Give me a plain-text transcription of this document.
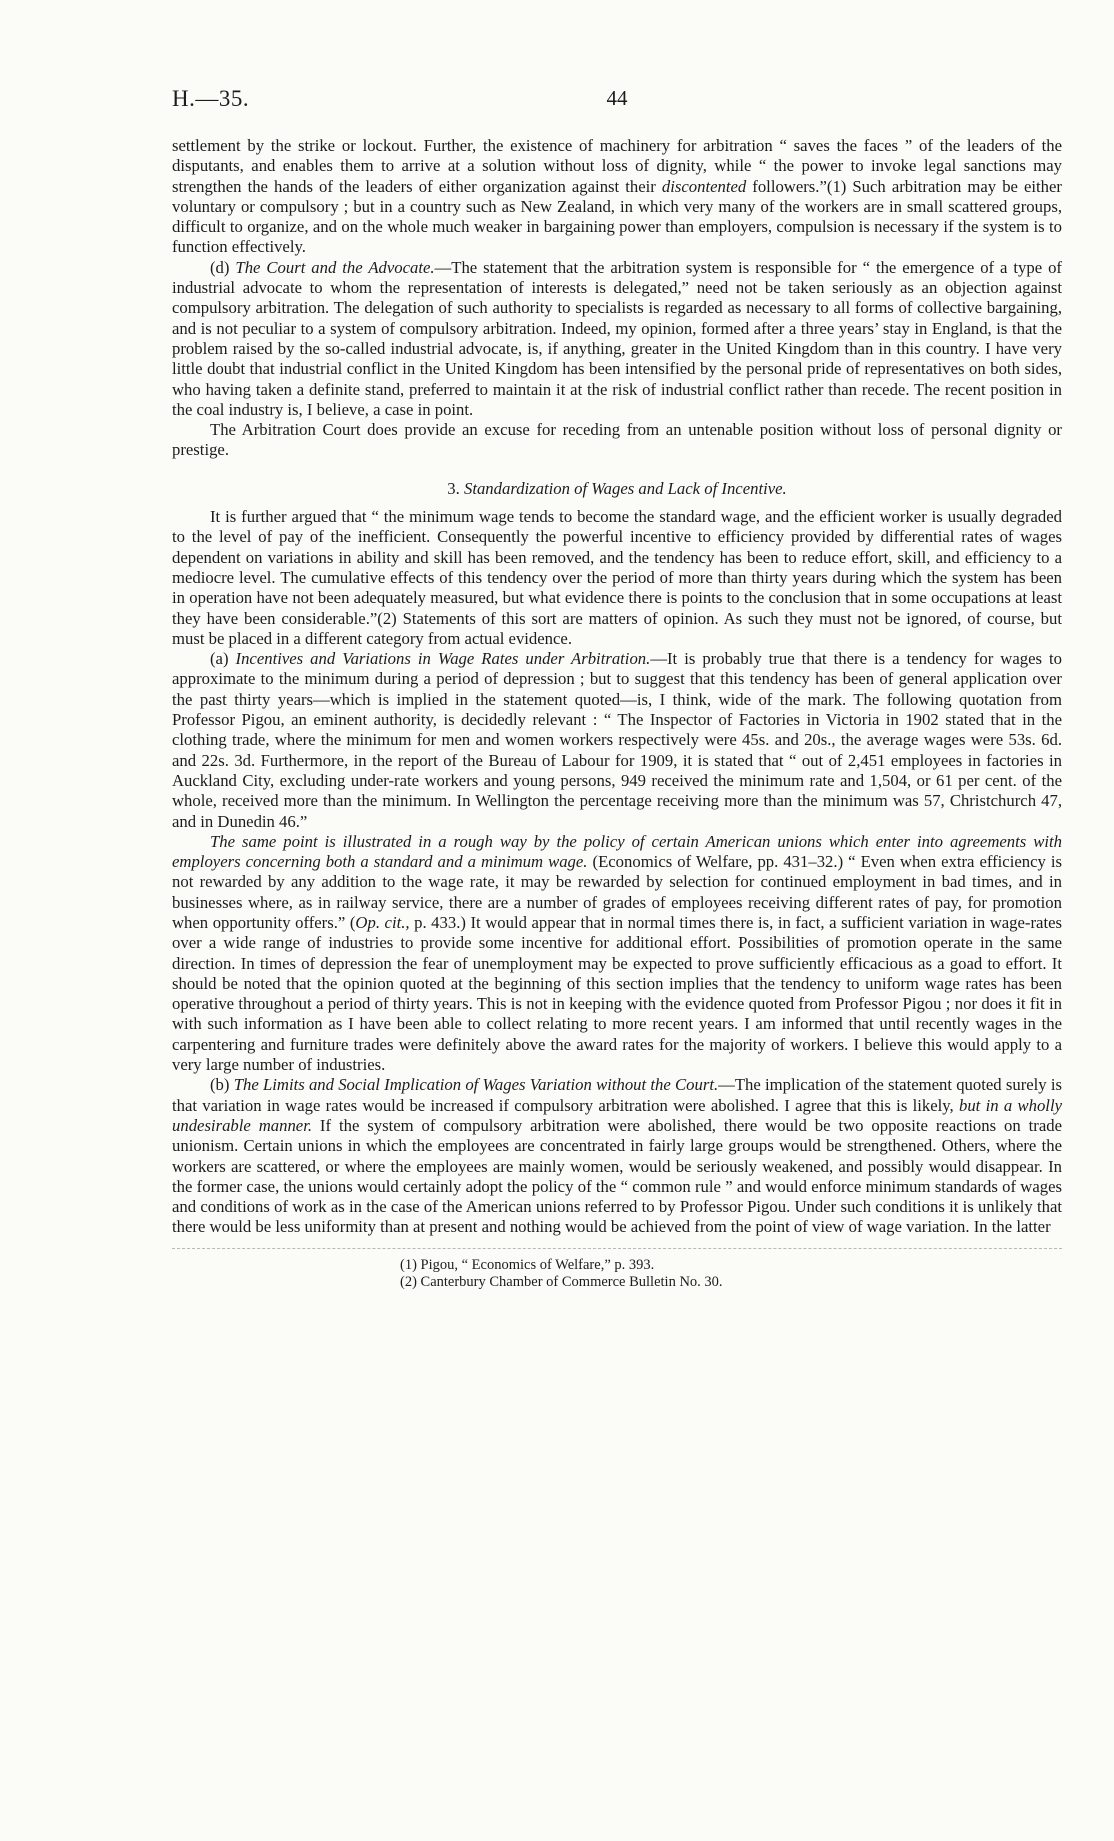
H.—35.	44

settlement by the strike or lockout. Further, the existence of machinery for arbitration “ saves the faces ” of the leaders of the disputants, and enables them to arrive at a solution without loss of dignity, while “ the power to invoke legal sanctions may strengthen the hands of the leaders of either organization against their discontented followers.”(1) Such arbitration may be either voluntary or compulsory ; but in a country such as New Zealand, in which very many of the workers are in small scattered groups, difficult to organize, and on the whole much weaker in bargaining power than employers, compulsion is necessary if the system is to function effectively.

(d) The Court and the Advocate.—The statement that the arbitration system is responsible for “ the emergence of a type of industrial advocate to whom the representation of interests is delegated,” need not be taken seriously as an objection against compulsory arbitration. The delegation of such authority to specialists is regarded as necessary to all forms of collective bargaining, and is not peculiar to a system of compulsory arbitration. Indeed, my opinion, formed after a three years’ stay in England, is that the problem raised by the so-called industrial advocate, is, if anything, greater in the United Kingdom than in this country. I have very little doubt that industrial conflict in the United Kingdom has been intensified by the personal pride of representatives on both sides, who having taken a definite stand, preferred to maintain it at the risk of industrial conflict rather than recede. The recent position in the coal industry is, I believe, a case in point.

The Arbitration Court does provide an excuse for receding from an untenable position without loss of personal dignity or prestige.

3. Standardization of Wages and Lack of Incentive.

It is further argued that “ the minimum wage tends to become the standard wage, and the efficient worker is usually degraded to the level of pay of the inefficient. Consequently the powerful incentive to efficiency provided by differential rates of wages dependent on variations in ability and skill has been removed, and the tendency has been to reduce effort, skill, and efficiency to a mediocre level. The cumulative effects of this tendency over the period of more than thirty years during which the system has been in operation have not been adequately measured, but what evidence there is points to the conclusion that in some occupations at least they have been considerable.”(2) Statements of this sort are matters of opinion. As such they must not be ignored, of course, but must be placed in a different category from actual evidence.

(a) Incentives and Variations in Wage Rates under Arbitration.—It is probably true that there is a tendency for wages to approximate to the minimum during a period of depression ; but to suggest that this tendency has been of general application over the past thirty years—which is implied in the statement quoted—is, I think, wide of the mark. The following quotation from Professor Pigou, an eminent authority, is decidedly relevant : “ The Inspector of Factories in Victoria in 1902 stated that in the clothing trade, where the minimum for men and women workers respectively were 45s. and 20s., the average wages were 53s. 6d. and 22s. 3d. Furthermore, in the report of the Bureau of Labour for 1909, it is stated that “ out of 2,451 employees in factories in Auckland City, excluding under-rate workers and young persons, 949 received the minimum rate and 1,504, or 61 per cent. of the whole, received more than the minimum. In Wellington the percentage receiving more than the minimum was 57, Christchurch 47, and in Dunedin 46.”

The same point is illustrated in a rough way by the policy of certain American unions which enter into agreements with employers concerning both a standard and a minimum wage. (Economics of Welfare, pp. 431–32.) “ Even when extra efficiency is not rewarded by any addition to the wage rate, it may be rewarded by selection for continued employment in bad times, and in businesses where, as in railway service, there are a number of grades of employees receiving different rates of pay, for promotion when opportunity offers.” (Op. cit., p. 433.) It would appear that in normal times there is, in fact, a sufficient variation in wage-rates over a wide range of industries to provide some incentive for additional effort. Possibilities of promotion operate in the same direction. In times of depression the fear of unemployment may be expected to prove sufficiently efficacious as a goad to effort. It should be noted that the opinion quoted at the beginning of this section implies that the tendency to uniform wage rates has been operative throughout a period of thirty years. This is not in keeping with the evidence quoted from Professor Pigou ; nor does it fit in with such information as I have been able to collect relating to more recent years. I am informed that until recently wages in the carpentering and furniture trades were definitely above the award rates for the majority of workers. I believe this would apply to a very large number of industries.

(b) The Limits and Social Implication of Wages Variation without the Court.—The implication of the statement quoted surely is that variation in wage rates would be increased if compulsory arbitration were abolished. I agree that this is likely, but in a wholly undesirable manner. If the system of compulsory arbitration were abolished, there would be two opposite reactions on trade unionism. Certain unions in which the employees are concentrated in fairly large groups would be strengthened. Others, where the workers are scattered, or where the employees are mainly women, would be seriously weakened, and possibly would disappear. In the former case, the unions would certainly adopt the policy of the “ common rule ” and would enforce minimum standards of wages and conditions of work as in the case of the American unions referred to by Professor Pigou. Under such conditions it is unlikely that there would be less uniformity than at present and nothing would be achieved from the point of view of wage variation. In the latter

(1) Pigou, “ Economics of Welfare,” p. 393.
(2) Canterbury Chamber of Commerce Bulletin No. 30.
